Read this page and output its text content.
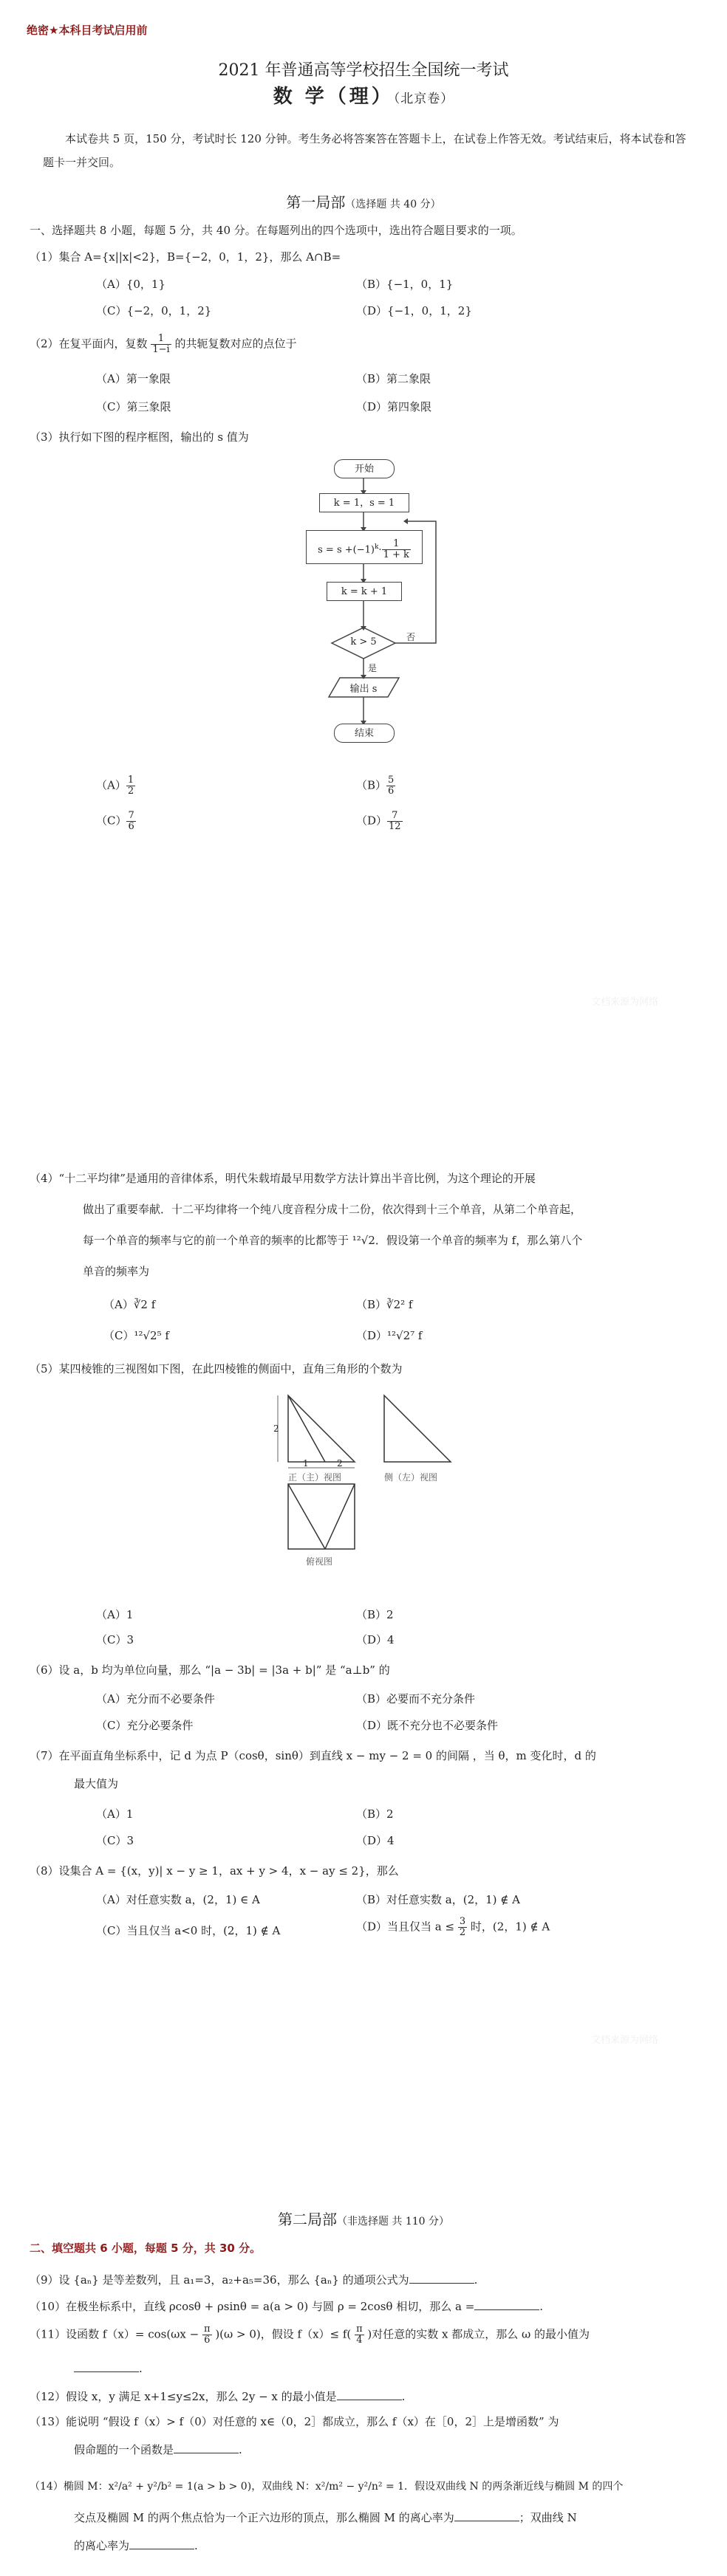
绝密★本科目考试启用前
2021 年普通高等学校招生全国统一考试
数 学（理）（北京卷）
本试卷共 5 页，150 分，考试时长 120 分钟。考生务必将答案答在答题卡上，在试卷上作答无效。考试结束后，将本试卷和答题卡一并交回。
第一局部（选择题 共 40 分）
一、选择题共 8 小题，每题 5 分，共 40 分。在每题列出的四个选项中，选出符合题目要求的一项。
（1）集合 A={x||x|<2}，B={−2，0，1，2}，那么 A∩B=
（A）{0，1}	（B）{−1，0，1}
（C）{−2，0，1，2}	（D）{−1，0，1，2}
（2）在复平面内，复数 $\frac{1}{1-i}$ 的共轭复数对应的点位于
（A）第一象限	（B）第二象限
（C）第三象限	（D）第四象限
（3）执行如下图的程序框图，输出的 s 值为
开始
k = 1，s = 1
$s = s +(-1)^k\cdot \frac{1}{1 + k}$
k = k + 1
k > 5	否
是
输出 s
结束
$(A) \frac{1}{2}$	$(B) \frac{5}{6}$
$(C) \frac{7}{6}$	$(D) \frac{7}{12}$
文档来源为网络
（4）“十二平均律”是通用的音律体系，明代朱载堉最早用数学方法计算出半音比例，为这个理论的开展
做出了重要奉献．十二平均律将一个纯八度音程分成十二份，依次得到十三个单音，从第二个单音起，
每一个单音的频率与它的前一个单音的频率的比都等于 ¹²√2．假设第一个单音的频率为 f，那么第八个
单音的频率为
（A）∛2 f	（B）∛2² f
（C）¹²√2⁵ f	（D）¹²√2⁷ f
（5）某四棱锥的三视图如下图，在此四棱锥的侧面中，直角三角形的个数为
2
1	2
正（主）视图	侧（左）视图
俯视图
（A）1	（B）2
（C）3	（D）4
（6）设 a，b 均为单位向量，那么 “|a − 3b| = |3a + b|” 是 “a⊥b” 的
（A）充分而不必要条件	（B）必要而不充分条件
（C）充分必要条件	（D）既不充分也不必要条件
（7）在平面直角坐标系中，记 d 为点 P（cosθ，sinθ）到直线 x − my − 2 = 0 的间隔 ，当 θ，m 变化时，d 的
最大值为
（A）1	（B）2
（C）3	（D）4
（8）设集合 A = {(x，y)| x − y ≥ 1，ax + y > 4，x − ay ≤ 2}，那么
（A）对任意实数 a，(2，1) ∈ A	（B）对任意实数 a，(2，1) ∉ A
（C）当且仅当 a<0 时，(2，1) ∉ A	（D）当且仅当 $a \le \frac{3}{2}$ 时，(2，1) ∉ A
文档来源为网络
第二局部（非选择题 共 110 分）
二、填空题共 6 小题，每题 5 分，共 30 分。
（9）设 {aₙ} 是等差数列，且 a₁=3，a₂+a₅=36，那么 {aₙ} 的通项公式为	.
（10）在极坐标系中，直线 ρcosθ + ρsinθ = a(a > 0) 与圆 ρ = 2cosθ 相切，那么 a =	.
（11）设函数 $f(x)= \cos(\omega x - \frac{\pi}{6} )(\omega > 0)$，假设 $f(x)\le f( \frac{\pi}{4}$ )对任意的实数 x 都成立，那么 ω 的最小值为
.
（12）假设 x，y 满足 x+1≤y≤2x，那么 2y − x 的最小值是	.
（13）能说明 “假设 f（x）> f（0）对任意的 x∈（0，2］都成立，那么 f（x）在［0，2］上是增函数” 为
假命题的一个函数是	.
（14）椭圆 M：x²/a² + y²/b² = 1(a > b > 0)，双曲线 N：x²/m² − y²/n² = 1．假设双曲线 N 的两条渐近线与椭圆 M 的四个
交点及椭圆 M 的两个焦点恰为一个正六边形的顶点，那么椭圆 M 的离心率为	；双曲线 N
的离心率为	.
